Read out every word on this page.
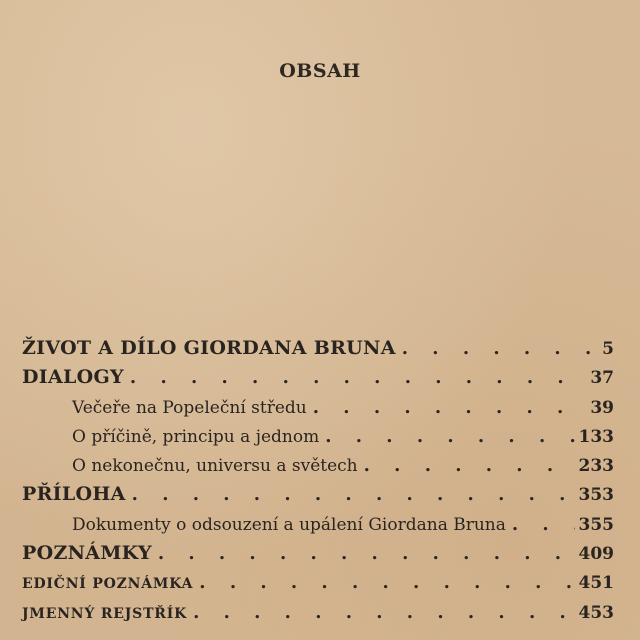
OBSAH
ŽIVOT A DÍLO GIORDANA BRUNA . . .	5
DIALOGY . . .	37
Večeře na Popeleční středu . . .	39
O příčině, principu a jednom . . .	133
O nekonečnu, universu a světech . . .	233
PŘÍLOHA . . .	353
Dokumenty o odsouzení a upálení Giordana Bruna . . .	355
POZNÁMKY . . .	409
EDIČNÍ POZNÁMKA . . .	451
JMENNÝ REJSTŘÍK . . .	453
